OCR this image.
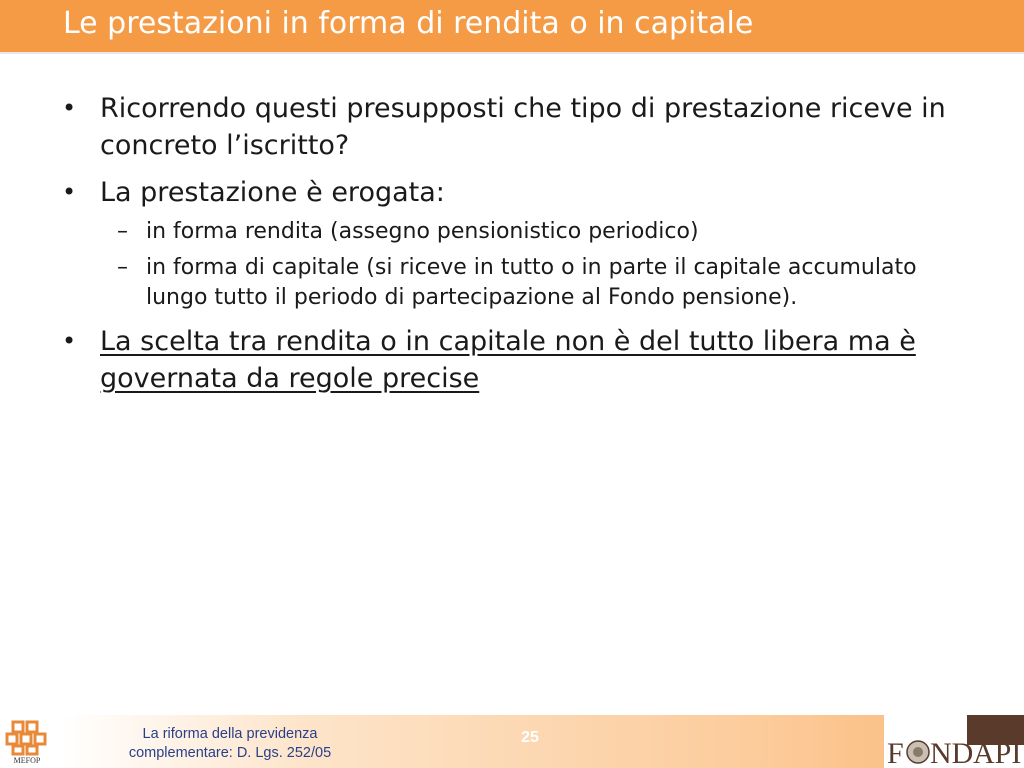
Le prestazioni in forma di rendita o in capitale
• Ricorrendo questi presupposti che tipo di prestazione riceve in concreto l’iscritto?
• La prestazione è erogata:
– in forma rendita (assegno pensionistico periodico)
– in forma di capitale (si riceve in tutto o in parte il capitale accumulato lungo tutto il periodo di partecipazione al Fondo pensione).
• La scelta tra rendita o in capitale non è del tutto libera ma è governata da regole precise
MEFOP
La riforma della previdenza
complementare: D. Lgs. 252/05
25	F ND API
